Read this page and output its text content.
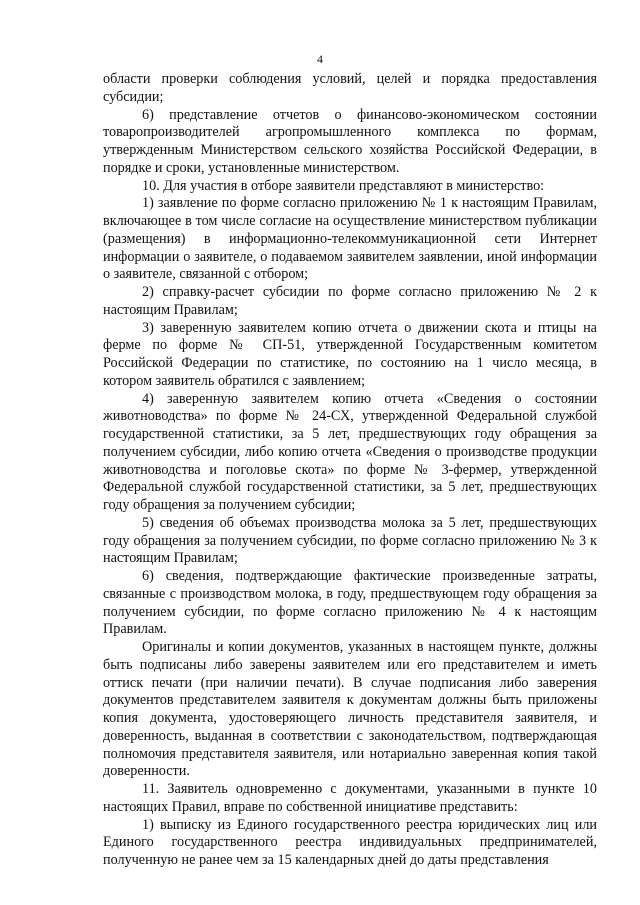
4

области проверки соблюдения условий, целей и порядка предоставления субсидии;

6) представление отчетов о финансово-экономическом состоянии товаропроизводителей агропромышленного комплекса по формам, утвержденным Министерством сельского хозяйства Российской Федерации, в порядке и сроки, установленные министерством.

10. Для участия в отборе заявители представляют в министерство:

1) заявление по форме согласно приложению № 1 к настоящим Правилам, включающее в том числе согласие на осуществление министерством публикации (размещения) в информационно-телекоммуникационной сети Интернет информации о заявителе, о подаваемом заявителем заявлении, иной информации о заявителе, связанной с отбором;

2) справку-расчет субсидии по форме согласно приложению № 2 к настоящим Правилам;

3) заверенную заявителем копию отчета о движении скота и птицы на ферме по форме № СП-51, утвержденной Государственным комитетом Российской Федерации по статистике, по состоянию на 1 число месяца, в котором заявитель обратился с заявлением;

4) заверенную заявителем копию отчета «Сведения о состоянии животноводства» по форме № 24-СХ, утвержденной Федеральной службой государственной статистики, за 5 лет, предшествующих году обращения за получением субсидии, либо копию отчета «Сведения о производстве продукции животноводства и поголовье скота» по форме № 3-фермер, утвержденной Федеральной службой государственной статистики, за 5 лет, предшествующих году обращения за получением субсидии;

5) сведения об объемах производства молока за 5 лет, предшествующих году обращения за получением субсидии, по форме согласно приложению № 3 к настоящим Правилам;

6) сведения, подтверждающие фактические произведенные затраты, связанные с производством молока, в году, предшествующем году обращения за получением субсидии, по форме согласно приложению № 4 к настоящим Правилам.

Оригиналы и копии документов, указанных в настоящем пункте, должны быть подписаны либо заверены заявителем или его представителем и иметь оттиск печати (при наличии печати). В случае подписания либо заверения документов представителем заявителя к документам должны быть приложены копия документа, удостоверяющего личность представителя заявителя, и доверенность, выданная в соответствии с законодательством, подтверждающая полномочия представителя заявителя, или нотариально заверенная копия такой доверенности.

11. Заявитель одновременно с документами, указанными в пункте 10 настоящих Правил, вправе по собственной инициативе представить:

1) выписку из Единого государственного реестра юридических лиц или Единого государственного реестра индивидуальных предпринимателей, полученную не ранее чем за 15 календарных дней до даты представления
